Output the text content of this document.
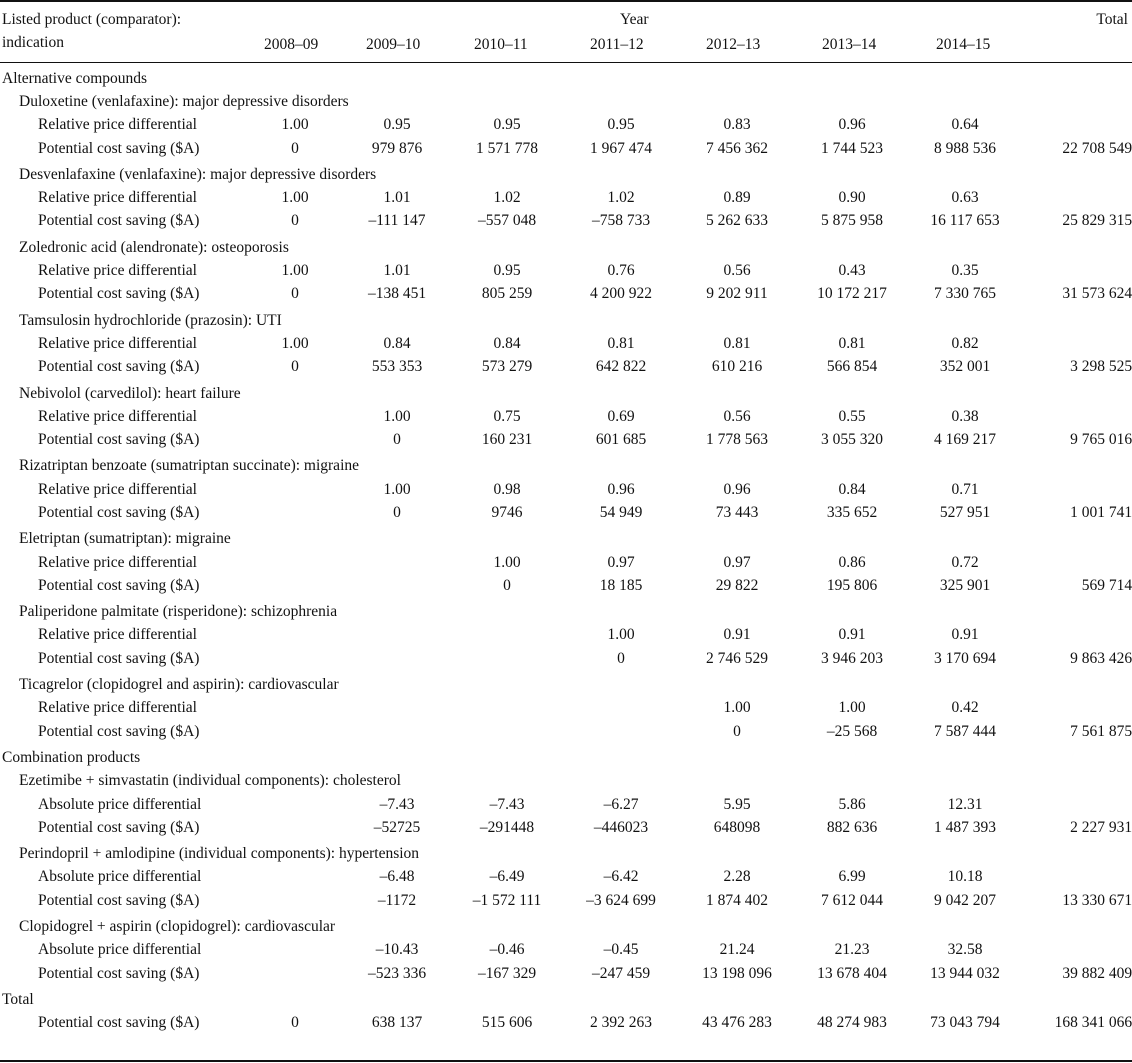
Listed product (comparator):
indication
Year	Total
2008–09	2009–10	2010–11	2011–12	2012–13	2013–14	2014–15
Alternative compounds								
Duloxetine (venlafaxine): major depressive disorders								
Relative price differential	1.00	0.95	0.95	0.95	0.83	0.96	0.64	
Potential cost saving ($A)	0	979 876	1 571 778	1 967 474	7 456 362	1 744 523	8 988 536	22 708 549
Desvenlafaxine (venlafaxine): major depressive disorders								
Relative price differential	1.00	1.01	1.02	1.02	0.89	0.90	0.63	
Potential cost saving ($A)	0	–111 147	–557 048	–758 733	5 262 633	5 875 958	16 117 653	25 829 315
Zoledronic acid (alendronate): osteoporosis								
Relative price differential	1.00	1.01	0.95	0.76	0.56	0.43	0.35	
Potential cost saving ($A)	0	–138 451	805 259	4 200 922	9 202 911	10 172 217	7 330 765	31 573 624
Tamsulosin hydrochloride (prazosin): UTI								
Relative price differential	1.00	0.84	0.84	0.81	0.81	0.81	0.82	
Potential cost saving ($A)	0	553 353	573 279	642 822	610 216	566 854	352 001	3 298 525
Nebivolol (carvedilol): heart failure								
Relative price differential		1.00	0.75	0.69	0.56	0.55	0.38	
Potential cost saving ($A)		0	160 231	601 685	1 778 563	3 055 320	4 169 217	9 765 016
Rizatriptan benzoate (sumatriptan succinate): migraine								
Relative price differential		1.00	0.98	0.96	0.96	0.84	0.71	
Potential cost saving ($A)		0	9746	54 949	73 443	335 652	527 951	1 001 741
Eletriptan (sumatriptan): migraine								
Relative price differential			1.00	0.97	0.97	0.86	0.72	
Potential cost saving ($A)			0	18 185	29 822	195 806	325 901	569 714
Paliperidone palmitate (risperidone): schizophrenia								
Relative price differential				1.00	0.91	0.91	0.91	
Potential cost saving ($A)				0	2 746 529	3 946 203	3 170 694	9 863 426
Ticagrelor (clopidogrel and aspirin): cardiovascular								
Relative price differential					1.00	1.00	0.42	
Potential cost saving ($A)					0	–25 568	7 587 444	7 561 875
Combination products								
Ezetimibe + simvastatin (individual components): cholesterol								
Absolute price differential		–7.43	–7.43	–6.27	5.95	5.86	12.31	
Potential cost saving ($A)		–52725	–291448	–446023	648098	882 636	1 487 393	2 227 931
Perindopril + amlodipine (individual components): hypertension								
Absolute price differential		–6.48	–6.49	–6.42	2.28	6.99	10.18	
Potential cost saving ($A)		–1172	–1 572 111	–3 624 699	1 874 402	7 612 044	9 042 207	13 330 671
Clopidogrel + aspirin (clopidogrel): cardiovascular								
Absolute price differential		–10.43	–0.46	–0.45	21.24	21.23	32.58	
Potential cost saving ($A)		–523 336	–167 329	–247 459	13 198 096	13 678 404	13 944 032	39 882 409
Total								
Potential cost saving ($A)	0	638 137	515 606	2 392 263	43 476 283	48 274 983	73 043 794	168 341 066
